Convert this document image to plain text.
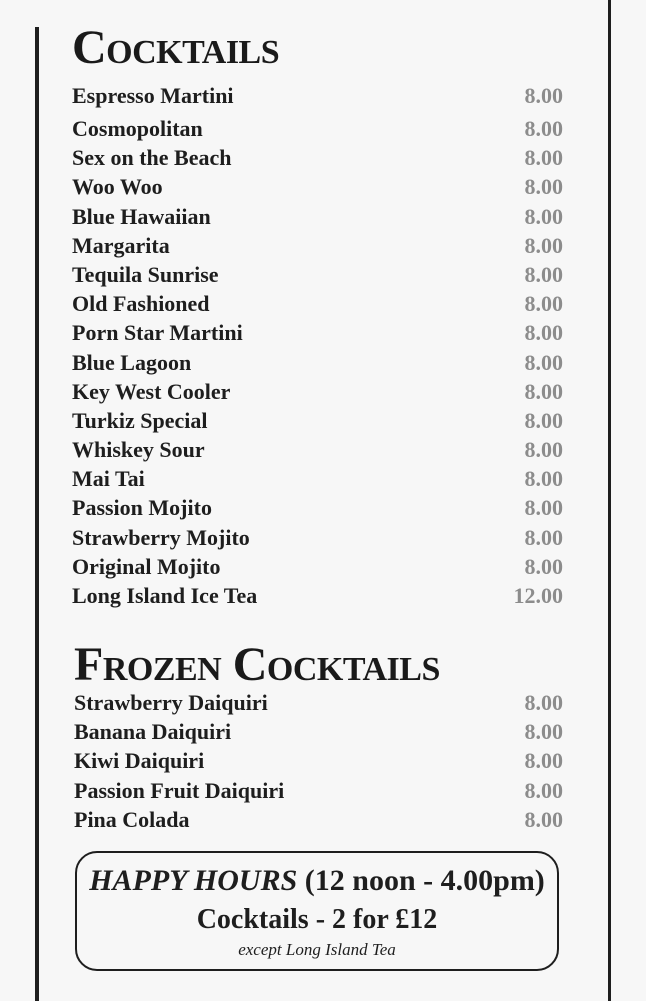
Cocktails
Espresso Martini	8.00
Cosmopolitan	8.00
Sex on the Beach	8.00
Woo Woo	8.00
Blue Hawaiian	8.00
Margarita	8.00
Tequila Sunrise	8.00
Old Fashioned	8.00
Porn Star Martini	8.00
Blue Lagoon	8.00
Key West Cooler	8.00
Turkiz Special	8.00
Whiskey Sour	8.00
Mai Tai	8.00
Passion Mojito	8.00
Strawberry Mojito	8.00
Original Mojito	8.00
Long Island Ice Tea	12.00
Frozen Cocktails
Strawberry Daiquiri	8.00
Banana Daiquiri	8.00
Kiwi Daiquiri	8.00
Passion Fruit Daiquiri	8.00
Pina Colada	8.00
HAPPY HOURS (12 noon - 4.00pm)
Cocktails - 2 for £12
except Long Island Tea
